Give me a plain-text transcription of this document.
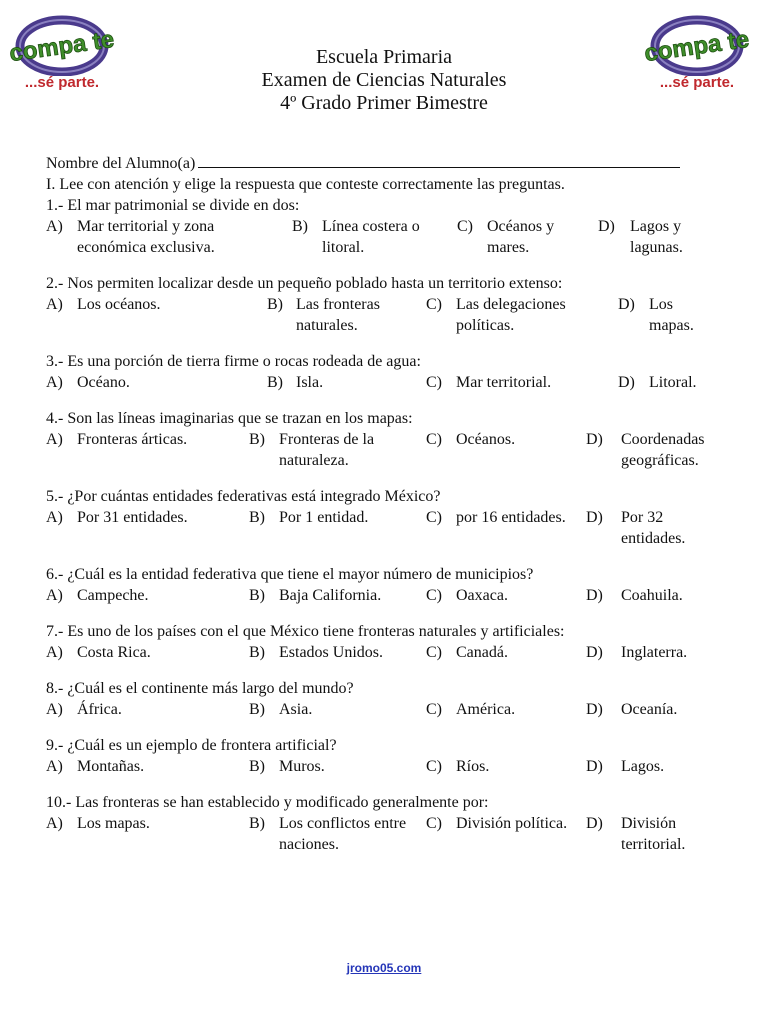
compa te
...sé parte.
compa te
...sé parte.
Escuela Primaria
Examen de Ciencias Naturales
4º Grado Primer Bimestre
Nombre del Alumno(a)
I. Lee con atención y elige la respuesta que conteste correctamente las preguntas.
1.- El mar patrimonial se divide en dos:
A) Mar territorial y zona económica exclusiva.
B) Línea costera o litoral.
C) Océanos y mares.
D) Lagos y lagunas.
2.- Nos permiten localizar desde un pequeño poblado hasta un territorio extenso:
A) Los océanos.	B) Las fronteras naturales.
C) Las delegaciones políticas.
D) Los mapas.
3.- Es una porción de tierra firme o rocas rodeada de agua:
A) Océano.	B) Isla.	C) Mar territorial.	D) Litoral.
4.- Son las líneas imaginarias que se trazan en los mapas:
A) Fronteras árticas.	B) Fronteras de la naturaleza.
C) Océanos.	D) Coordenadas geográficas.
5.- ¿Por cuántas entidades federativas está integrado México?
A) Por 31 entidades.	B) Por 1 entidad.	C) por 16 entidades.	D) Por 32 entidades.
6.- ¿Cuál es la entidad federativa que tiene el mayor número de municipios?
A) Campeche.	B) Baja California.	C) Oaxaca.	D) Coahuila.
7.- Es uno de los países con el que México tiene fronteras naturales y artificiales:
A) Costa Rica.	B) Estados Unidos.	C) Canadá.	D) Inglaterra.
8.- ¿Cuál es el continente más largo del mundo?
A) África.	B) Asia.	C) América.	D) Oceanía.
9.- ¿Cuál es un ejemplo de frontera artificial?
A) Montañas.	B) Muros.	C) Ríos.	D) Lagos.
10.- Las fronteras se han establecido y modificado generalmente por:
A) Los mapas.	B) Los conflictos entre naciones.
C) División política.	D) División territorial.
jromo05.com
